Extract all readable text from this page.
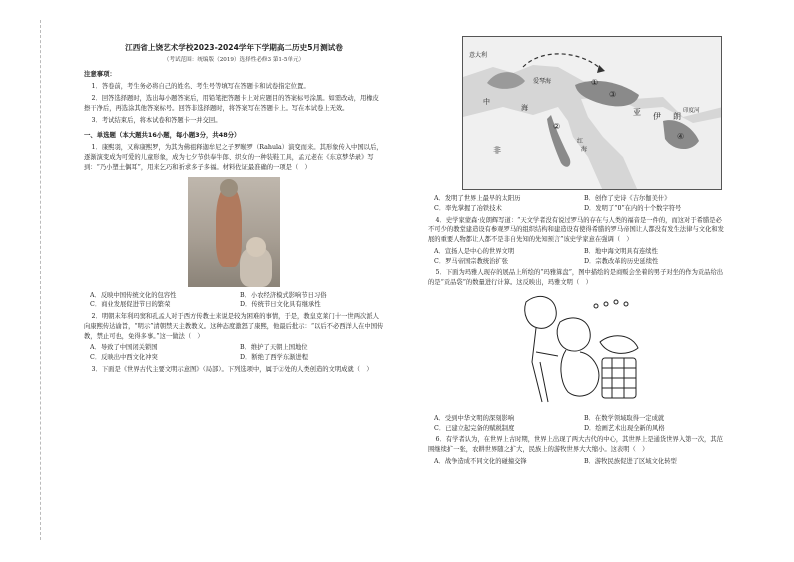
江西省上饶艺术学校2023-2024学年下学期高二历史5月测试卷
（考试范围：统编版（2019）选择性必修3 第1-5单元）
注意事项：

1．答卷前，考生务必将自己的姓名、考生号等填写在答题卡和试卷指定位置。

2．回答选择题时，选出每小题答案后，用铅笔把答题卡上对应题目的答案标号涂黑。如需改动，用橡皮擦干净后，再选涂其他答案标号。回答非选择题时，将答案写在答题卡上。写在本试卷上无效。

3．考试结束后，将本试卷和答题卡一并交回。

一、单选题（本大题共16小题，每小题3分，共48分）

1．康熙羽，又称康熙罗，为其为佛祖释迦牟尼之子罗睺罗（Rahula）演变而来。其形象传入中国以后，逐渐演变成为可爱的儿童形象，成为七夕节供奉牛郎、织女的一种装鞋工具，孟元老在《东京梦华录》写到：“乃小塑土偶耳”，用来乞巧和祈求多子多福。材料佐证最准确的一项是（　）

A．反映中国传统文化的包容性	B．小农经济模式影响节日习俗
C．商业发展促进节日的繁荣	D．传统节日文化具有继承性

2．明朝末年利玛窦和孔孟人对于西方传教士来说是较为困难的事情，于是，教皇克莱门十一世两次派人向康熙传达谕旨，“明示”清朝禁天主教教义。这种态度激怒了康熙，他最后批示：“以后不必西洋人在中国传教，禁止可也，免得多事。”这一做法（　）

A．导致了中国闭关锁国	B．维护了天朝上国地位
C．反映出中西文化冲突	D．断绝了西学东渐进程

3．下面是《世界古代主要文明示意图》（局部）。下列选项中，属于②处的人类创造的文明成就（　）

意大利
爱琴海	①
②
③
④
中
海
非
亚 伊 朗
红
海
印度河
A．发明了世界上最早的太阳历	B．创作了史诗《吉尔伽美什》
C．率先掌握了冶铁技术	D．发明了“0”在内的十个数字符号

4．史学家蒙森·皮朗辉写道：“天文学者没有说过罗马的存在与人类的福音是一件的，而这对于希腊是必不可少的教堂建造设有参观罗马的组织结构和建造设有使得希腊的罗马帝国让人都没有发生法律与文化和发展的重要人物都让人都不是非自先知的先知预言”该史学家意在强调（　）

A．宣扬人是中心的世界文明	B．地中海文明具有连续性
C．罗马帝国宗教统治扩张	D．宗教改革的历史延续性

5．下面为玛雅人现存的展品上所绘的“玛雅算盘”，图中描绘的是商贩会坐着的男子对坐的作为贡品给出的是“贡品袋”的数量进行计算。这反映出，玛雅文明（　）

A．受到中华文明的深刻影响	B．在数学领域取得一定成就
C．已建立起完备的赋税制度	D．绘画艺术出现全新的风格

6．有学者认为，在世界上古时期，世界上出现了两大古代的中心，其世界上是通货世界入第一次，其范围继续扩一张，农耕世界随之扩大，民族上的游牧世界大大缩小。这表明（　）

A．战争造成不同文化的碰撞交锋	B．游牧民族促进了区域文化转型
